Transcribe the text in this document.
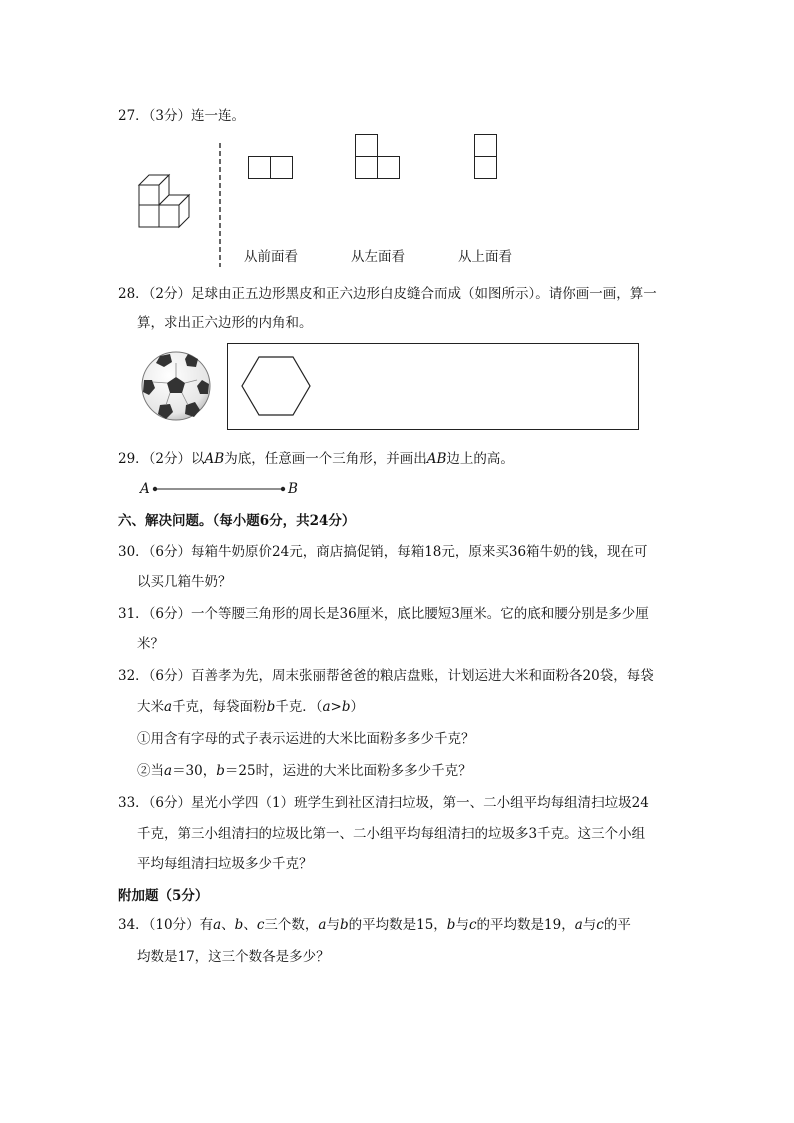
27．（3分）连一连。
从前面看	从左面看	从上面看
28．（2分）足球由正五边形黑皮和正六边形白皮缝合而成（如图所示）。请你画一画，算一
算，求出正六边形的内角和。
29．（2分）以AB为底，任意画一个三角形，并画出AB边上的高。
A	B
六、解决问题。（每小题6分，共24分）
30．（6分）每箱牛奶原价24元，商店搞促销，每箱18元，原来买36箱牛奶的钱，现在可
以买几箱牛奶？
31．（6分）一个等腰三角形的周长是36厘米，底比腰短3厘米。它的底和腰分别是多少厘
米？
32．（6分）百善孝为先，周末张丽帮爸爸的粮店盘账，计划运进大米和面粉各20袋，每袋
大米a千克，每袋面粉b千克．（a>b）
①用含有字母的式子表示运进的大米比面粉多多少千克？
②当a＝30，b＝25时，运进的大米比面粉多多少千克？
33．（6分）星光小学四（1）班学生到社区清扫垃圾，第一、二小组平均每组清扫垃圾24
千克，第三小组清扫的垃圾比第一、二小组平均每组清扫的垃圾多3千克。这三个小组
平均每组清扫垃圾多少千克？
附加题（5分）
34．（10分）有a、b、c三个数，a与b的平均数是15，b与c的平均数是19，a与c的平
均数是17，这三个数各是多少？
